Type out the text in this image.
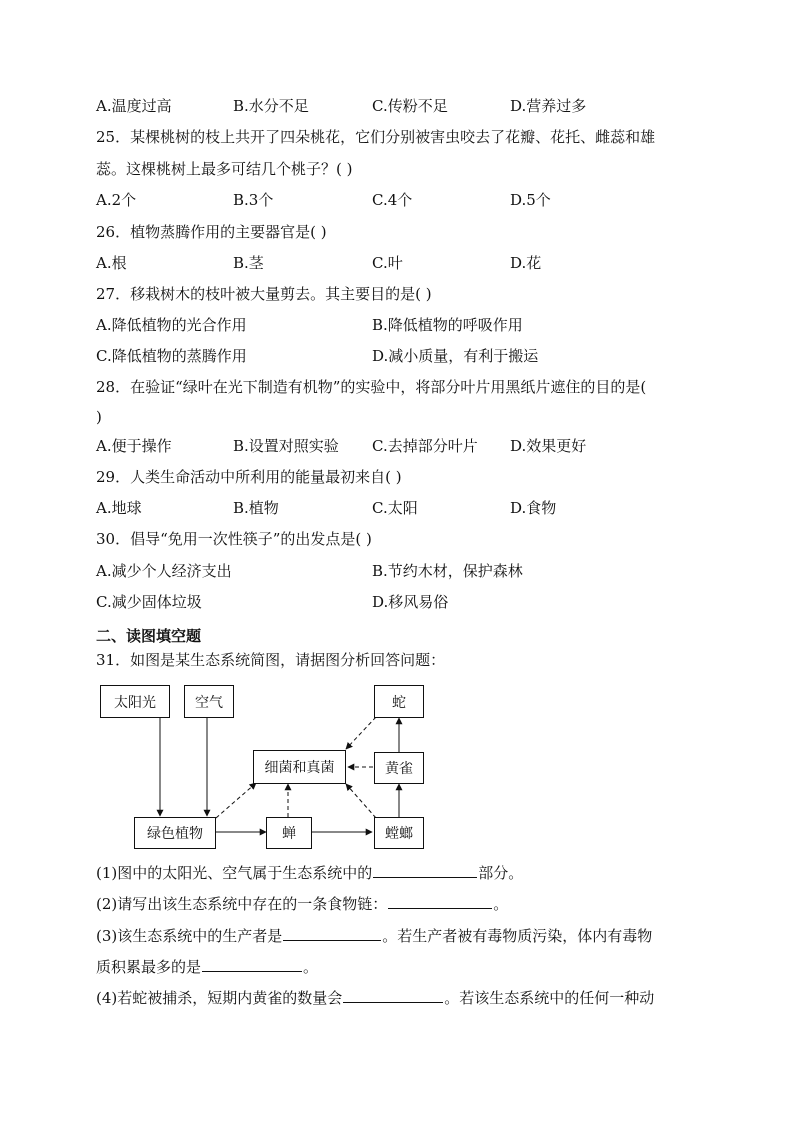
A.温度过高	B.水分不足	C.传粉不足	D.营养过多
25．某棵桃树的枝上共开了四朵桃花，它们分别被害虫咬去了花瓣、花托、雌蕊和雄
蕊。这棵桃树上最多可结几个桃子？( )
A.2个	B.3个	C.4个	D.5个
26．植物蒸腾作用的主要器官是( )
A.根	B.茎	C.叶	D.花
27．移栽树木的枝叶被大量剪去。其主要目的是( )
A.降低植物的光合作用	B.降低植物的呼吸作用
C.降低植物的蒸腾作用	D.减小质量，有利于搬运
28．在验证“绿叶在光下制造有机物”的实验中，将部分叶片用黑纸片遮住的目的是(
)
A.便于操作	B.设置对照实验 C.去掉部分叶片 D.效果更好
29．人类生命活动中所利用的能量最初来自( )
A.地球	B.植物	C.太阳	D.食物
30．倡导“免用一次性筷子”的出发点是( )
A.减少个人经济支出	B.节约木材，保护森林
C.减少固体垃圾	D.移风易俗
二、读图填空题
31．如图是某生态系统简图，请据图分析回答问题：
太阳光	空气	蛇
细菌和真菌	黄雀
绿色植物	蝉	螳螂
(1)图中的太阳光、空气属于生态系统中的	部分。
(2)请写出该生态系统中存在的一条食物链：	。
(3)该生态系统中的生产者是	。若生产者被有毒物质污染，体内有毒物
质积累最多的是	。
(4)若蛇被捕杀，短期内黄雀的数量会	。若该生态系统中的任何一种动
